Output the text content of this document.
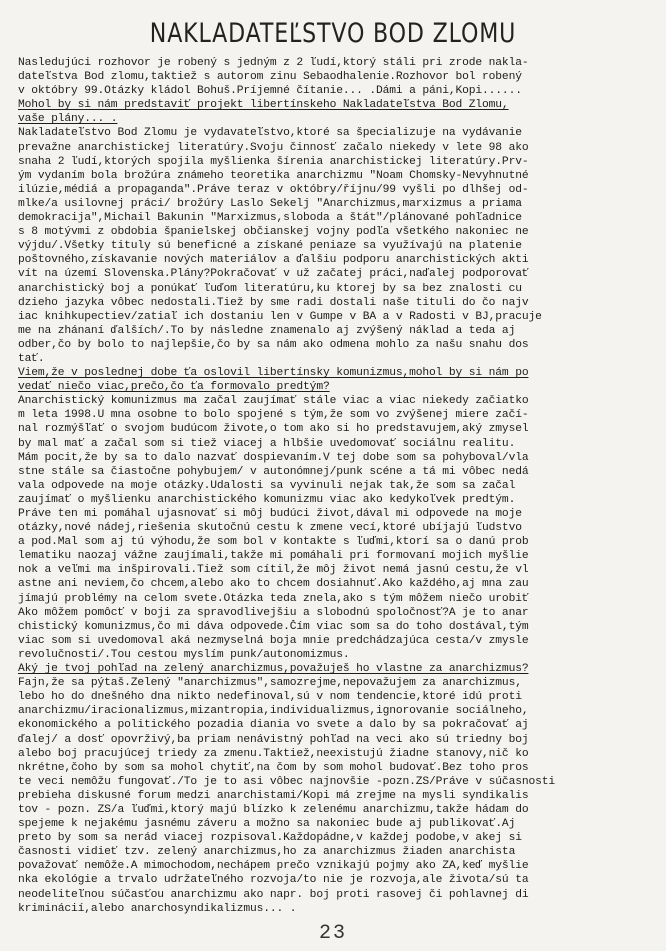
NAKLADATEĽSTVO BOD ZLOMU
Nasledujúci rozhovor je robený s jedným z 2 ľudí,ktorý stáli pri zrode nakla-
dateľstva Bod zlomu,taktiež s autorom zinu Sebaodhalenie.Rozhovor bol robený
v októbry 99.Otázky kládol Bohuš.Príjemné čítanie... .Dámi a páni,Kopi......
Mohol by si nám predstaviť projekt libertínskeho Nakladateľstva Bod Zlomu,
vaše plány... .
Nakladateľstvo Bod Zlomu je vydavateľstvo,ktoré sa špecializuje na vydávanie
prevažne anarchistickej literatúry.Svoju činnosť začalo niekedy v lete 98 ako
snaha 2 ľudí,ktorých spojila myšlienka šírenia anarchistickej literatúry.Prv-
ým vydaním bola brožúra známeho teoretika anarchizmu "Noam Chomsky-Nevyhnutné
ilúzie,médiá a propaganda".Práve teraz v októbry/říjnu/99 vyšli po dlhšej od-
mlke/a usilovnej práci/ brožúry Laslo Sekelj "Anarchizmus,marxizmus a priama
demokracija",Michail Bakunin "Marxizmus,sloboda a štát"/plánované pohľadnice
s 8 motývmi z obdobia španielskej občianskej vojny podľa všetkého nakoniec ne
výjdu/.Všetky tituly sú beneficné a získané peniaze sa využívajú na platenie
poštovného,získavanie nových materiálov a ďalšiu podporu anarchistických akti
vít na území Slovenska.Plány?Pokračovať v už začatej práci,naďalej podporovať
anarchistický boj a ponúkať ľuďom literatúru,ku ktorej by sa bez znalosti cu
dzieho jazyka vôbec nedostali.Tiež by sme radi dostali naše tituli do čo najv
iac knihkupectiev/zatiaľ ich dostaniu len v Gumpe v BA a v Radosti v BJ,pracuje
me na zhánaní ďalších/.To by následne znamenalo aj zvýšený náklad a teda aj
odber,čo by bolo to najlepšie,čo by sa nám ako odmena mohlo za našu snahu dos
tať.
Viem,že v poslednej dobe ťa oslovil libertínsky komunizmus,mohol by si nám po
vedať niečo viac,prečo,čo ťa formovalo predtým?
Anarchistický komunizmus ma začal zaujímať stále viac a viac niekedy začiatko
m leta 1998.U mna osobne to bolo spojené s tým,že som vo zvýšenej miere začí-
nal rozmýšľať o svojom budúcom živote,o tom ako si ho predstavujem,aký zmysel
by mal mať a začal som si tiež viacej a hlbšie uvedomovať sociálnu realitu.
Mám pocit,že by sa to dalo nazvať dospievaním.V tej dobe som sa pohyboval/vla
stne stále sa čiastočne pohybujem/ v autonómnej/punk scéne a tá mi vôbec nedá
vala odpovede na moje otázky.Udalosti sa vyvinuli nejak tak,že som sa začal
zaujímať o myšlienku anarchistického komunizmu viac ako kedykoľvek predtým.
Práve ten mi pomáhal ujasnovať si môj budúci život,dával mi odpovede na moje
otázky,nové nádej,riešenia skutočnú cestu k zmene vecí,ktoré ubíjajú ľudstvo
a pod.Mal som aj tú výhodu,že som bol v kontakte s ľuďmi,ktorí sa o danú prob
lematiku naozaj vážne zaujímali,takže mi pomáhali pri formovaní mojich myšlie
nok a veľmi ma inšpirovali.Tiež som cítil,že môj život nemá jasnú cestu,že vl
astne ani neviem,čo chcem,alebo ako to chcem dosiahnuť.Ako každého,aj mna zau
jímajú problémy na celom svete.Otázka teda znela,ako s tým môžem niečo urobiť
Ako môžem pomôcť v boji za spravodlivejšiu a slobodnú spoločnosť?A je to anar
chistický komunizmus,čo mi dáva odpovede.Čím viac som sa do toho dostával,tým
viac som si uvedomoval aká nezmyselná boja mnie predchádzajúca cesta/v zmysle
revolučnosti/.Tou cestou myslím punk/autonomizmus.
Aký je tvoj pohľad na zelený anarchizmus,považuješ ho vlastne za anarchizmus?
Fajn,že sa pýtaš.Zelený "anarchizmus",samozrejme,nepovažujem za anarchizmus,
lebo ho do dnešného dna nikto nedefinoval,sú v nom tendencie,ktoré idú proti
anarchizmu/iracionalizmus,mizantropia,individualizmus,ignorovanie sociálneho,
ekonomického a politického pozadia diania vo svete a dalo by sa pokračovať aj
ďalej/ a dosť opovrživý,ba priam nenávistný pohľad na veci ako sú triedny boj
alebo boj pracujúcej triedy za zmenu.Taktiež,neexistujú žiadne stanovy,nič ko
nkrétne,čoho by som sa mohol chytiť,na čom by som mohol budovať.Bez toho pros
te veci nemôžu fungovať./To je to asi vôbec najnovšie -pozn.ZS/Práve v súčasnosti
prebieha diskusné forum medzi anarchistami/Kopi má zrejme na mysli syndikalis
tov - pozn. ZS/a ľuďmi,ktorý majú blízko k zelenému anarchizmu,takže hádam do
spejeme k nejakému jasnému záveru a možno sa nakoniec bude aj publikovať.Aj
preto by som sa nerád viacej rozpisoval.Každopádne,v každej podobe,v akej si
časnosti vidieť tzv. zelený anarchizmus,ho za anarchizmus žiaden anarchista
považovať nemôže.A mimochodom,nechápem prečo vznikajú pojmy ako ZA,keď myšlie
nka ekológie a trvalo udržateľného rozvoja/to nie je rozvoja,ale života/sú ta
neodeliteľnou súčasťou anarchizmu ako napr. boj proti rasovej či pohlavnej di
kriminácií,alebo anarchosyndikalizmus... .
23
